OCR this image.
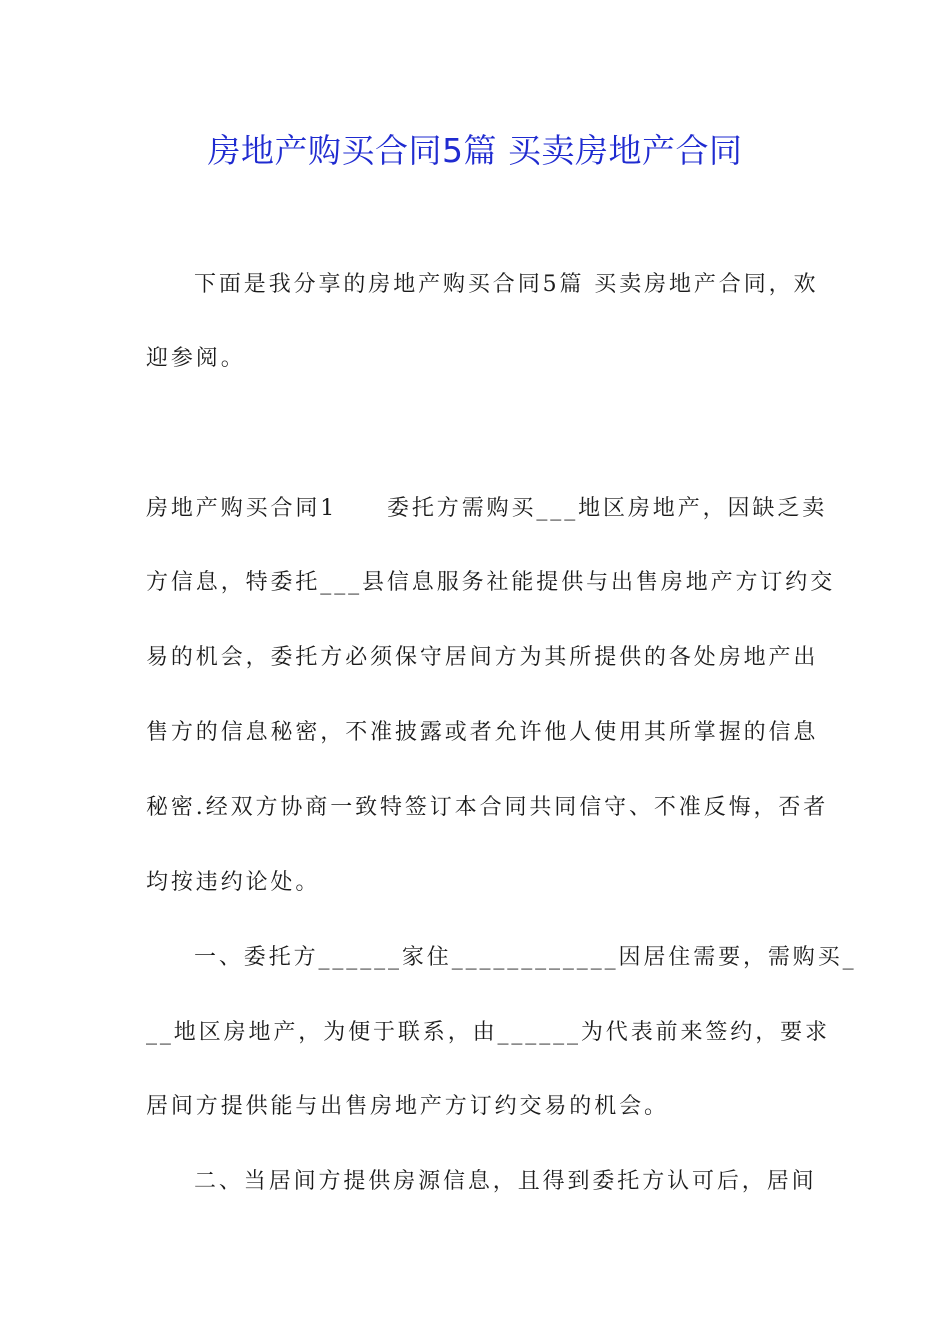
房地产购买合同5篇 买卖房地产合同
下面是我分享的房地产购买合同5篇 买卖房地产合同，欢
迎参阅。
房地产购买合同1　　委托方需购买___地区房地产，因缺乏卖
方信息，特委托___县信息服务社能提供与出售房地产方订约交
易的机会，委托方必须保守居间方为其所提供的各处房地产出
售方的信息秘密，不准披露或者允许他人使用其所掌握的信息
秘密.经双方协商一致特签订本合同共同信守、不准反悔，否者
均按违约论处。
一、委托方______家住____________因居住需要，需购买_
__地区房地产，为便于联系，由______为代表前来签约，要求
居间方提供能与出售房地产方订约交易的机会。
二、当居间方提供房源信息，且得到委托方认可后，居间
